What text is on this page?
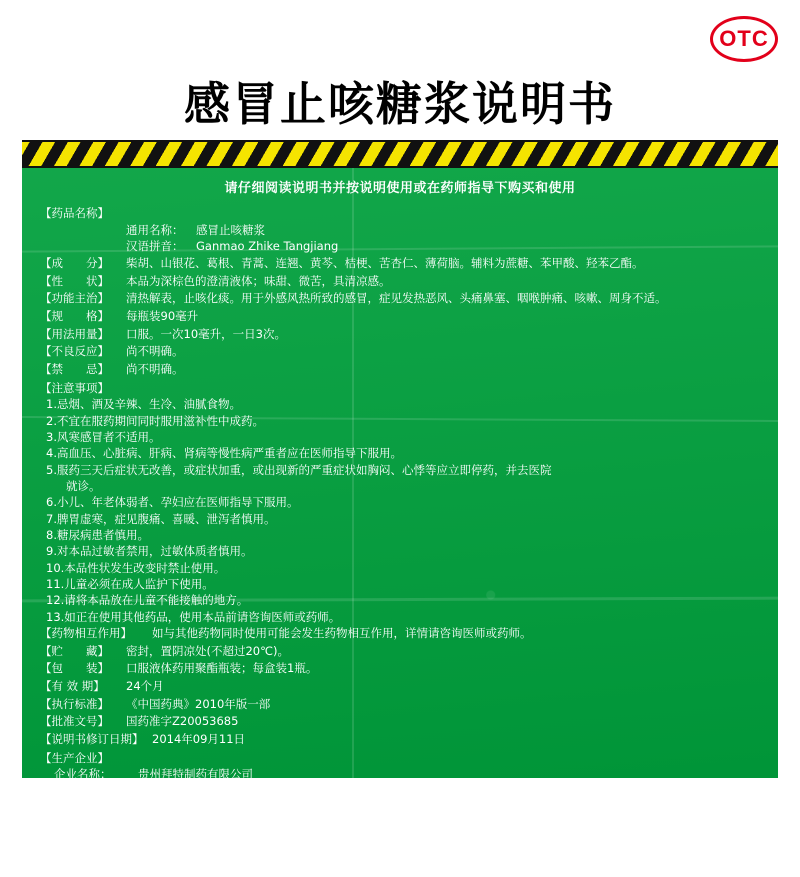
OTC
感冒止咳糖浆说明书
请仔细阅读说明书并按说明使用或在药师指导下购买和使用
【药品名称】
通用名称：	感冒止咳糖浆
汉语拼音：	Ganmao Zhike Tangjiang
【成　　分】	柴胡、山银花、葛根、青蒿、连翘、黄芩、桔梗、苦杏仁、薄荷脑。辅料为蔗糖、苯甲酸、羟苯乙酯。
【性　　状】	本品为深棕色的澄清液体；味甜、微苦，具清凉感。
【功能主治】	清热解表，止咳化痰。用于外感风热所致的感冒，症见发热恶风、头痛鼻塞、咽喉肿痛、咳嗽、周身不适。
【规　　格】	每瓶装90毫升
【用法用量】	口服。一次10毫升，一日3次。
【不良反应】	尚不明确。
【禁　　忌】	尚不明确。
【注意事项】
1.忌烟、酒及辛辣、生冷、油腻食物。
2.不宜在服药期间同时服用滋补性中成药。
3.风寒感冒者不适用。
4.高血压、心脏病、肝病、肾病等慢性病严重者应在医师指导下服用。
5.服药三天后症状无改善，或症状加重，或出现新的严重症状如胸闷、心悸等应立即停药，并去医院
就诊。
6.小儿、年老体弱者、孕妇应在医师指导下服用。
7.脾胃虚寒，症见腹痛、喜暖、泄泻者慎用。
8.糖尿病患者慎用。
9.对本品过敏者禁用，过敏体质者慎用。
10.本品性状发生改变时禁止使用。
11.儿童必须在成人监护下使用。
12.请将本品放在儿童不能接触的地方。
13.如正在使用其他药品，使用本品前请咨询医师或药师。
【药物相互作用】	如与其他药物同时使用可能会发生药物相互作用，详情请咨询医师或药师。
【贮　　藏】	密封，置阴凉处(不超过20℃)。
【包　　装】	口服液体药用聚酯瓶装；每盒装1瓶。
【有 效 期】	24个月
【执行标准】	《中国药典》2010年版一部
【批准文号】	国药准字Z20053685
【说明书修订日期】 2014年09月11日
【生产企业】
企业名称：	贵州拜特制药有限公司
生产地址：	贵州省贵阳市白云区麦架镇新材料产业园
邮政编码：	550014
电话号码：	(0851) 84288133
传真号码：	(0851) 84288478
如有问题可与生产企业联系
